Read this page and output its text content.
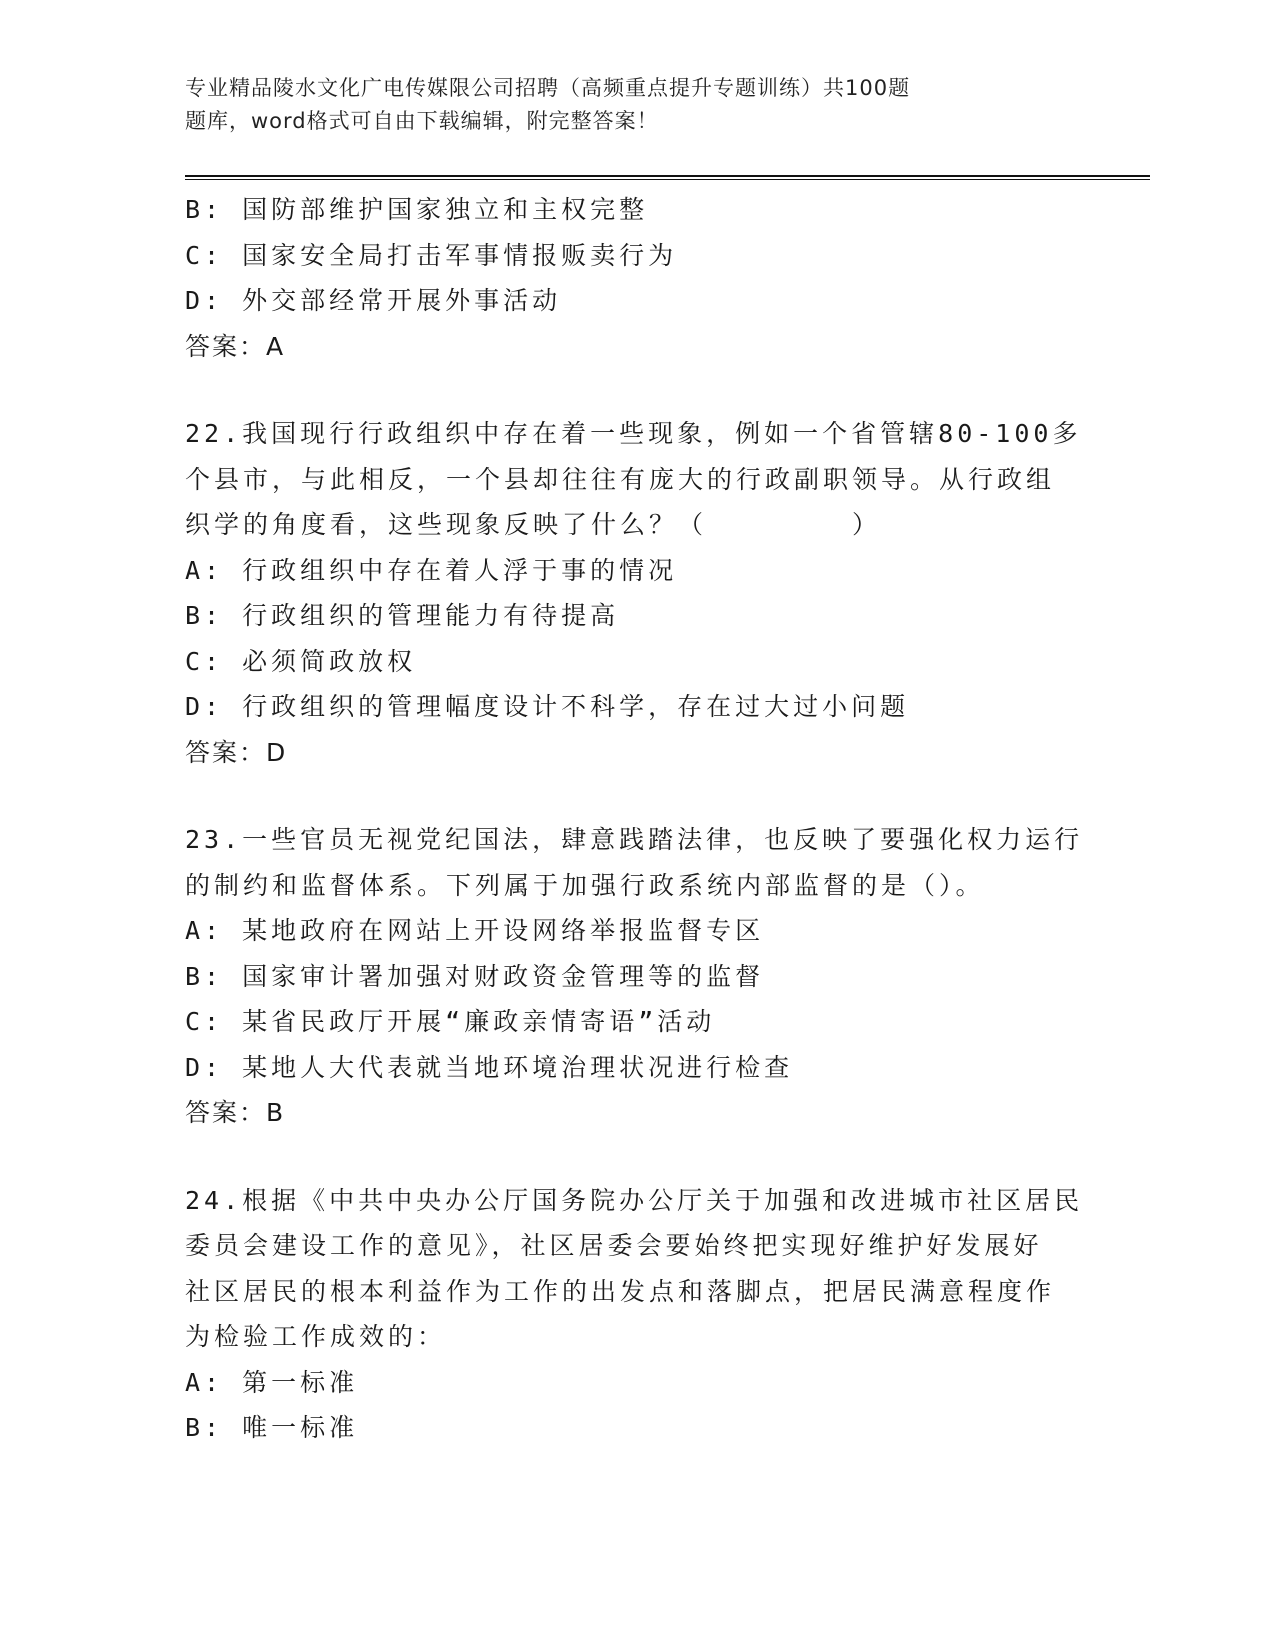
专业精品陵水文化广电传媒限公司招聘（高频重点提升专题训练）共100题
题库，word格式可自由下载编辑，附完整答案！
B: 国防部维护国家独立和主权完整
C: 国家安全局打击军事情报贩卖行为
D: 外交部经常开展外事活动
答案：A
22.我国现行行政组织中存在着一些现象，例如一个省管辖80-100多
个县市，与此相反，一个县却往往有庞大的行政副职领导。从行政组
织学的角度看，这些现象反映了什么？（　　　　　）
A: 行政组织中存在着人浮于事的情况
B: 行政组织的管理能力有待提高
C: 必须简政放权
D: 行政组织的管理幅度设计不科学，存在过大过小问题
答案：D
23.一些官员无视党纪国法，肆意践踏法律，也反映了要强化权力运行
的制约和监督体系。下列属于加强行政系统内部监督的是（）。
A: 某地政府在网站上开设网络举报监督专区
B: 国家审计署加强对财政资金管理等的监督
C: 某省民政厅开展“廉政亲情寄语”活动
D: 某地人大代表就当地环境治理状况进行检查
答案：B
24.根据《中共中央办公厅国务院办公厅关于加强和改进城市社区居民
委员会建设工作的意见》，社区居委会要始终把实现好维护好发展好
社区居民的根本利益作为工作的出发点和落脚点，把居民满意程度作
为检验工作成效的：
A: 第一标准
B: 唯一标准
